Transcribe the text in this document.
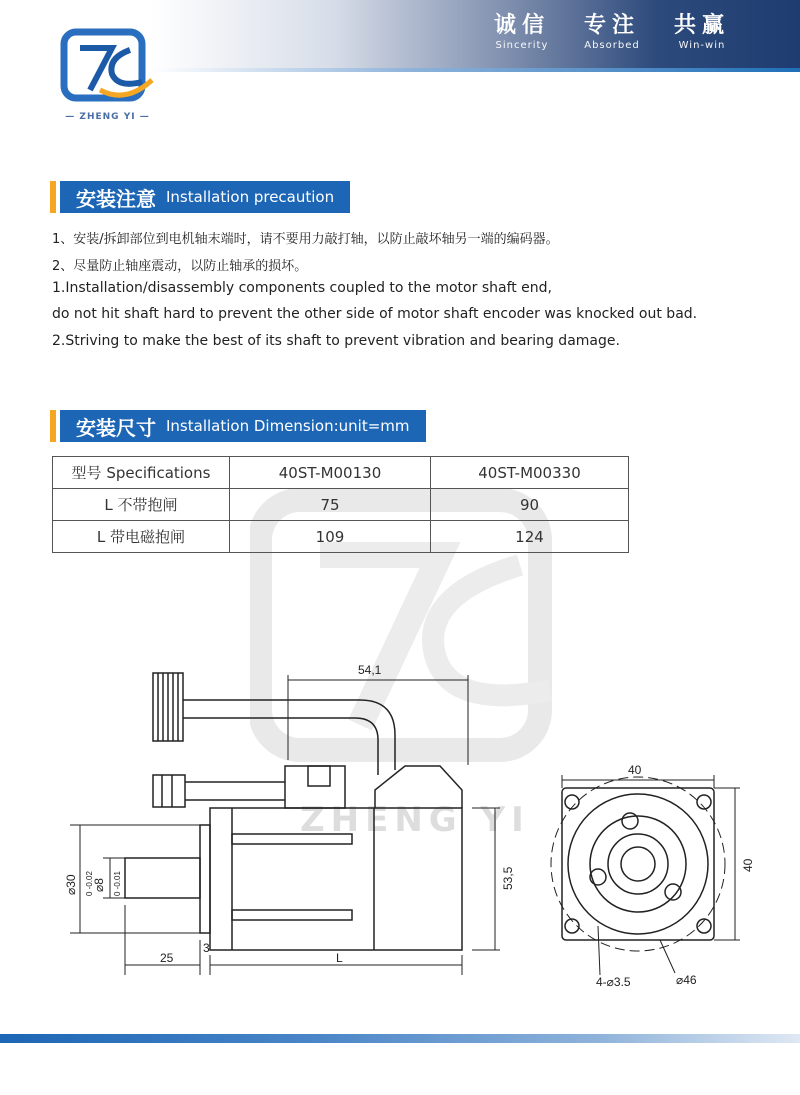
诚信
Sincerity
专注
Absorbed
共赢
Win-win
— ZHENG YI —
安装注意 Installation precaution
1、安装/拆卸部位到电机轴末端时，请不要用力敲打轴，以防止敲坏轴另一端的编码器。
2、尽量防止轴座震动，以防止轴承的损坏。
1.Installation/disassembly components coupled to the motor shaft end,
do not hit shaft hard to prevent the other side of motor shaft encoder was knocked out bad.
2.Striving to make the best of its shaft to prevent vibration and bearing damage.
安装尺寸 Installation Dimension:unit=mm
型号 Specifications	40ST-M00130	40ST-M00330
L 不带抱闸	75	90
L 带电磁抱闸	109	124
ZHENG YI
54,1
53,5
⌀30 0 -0.02
⌀8 0 -0.01
25
3
L
40
40
4-⌀3.5	⌀46
